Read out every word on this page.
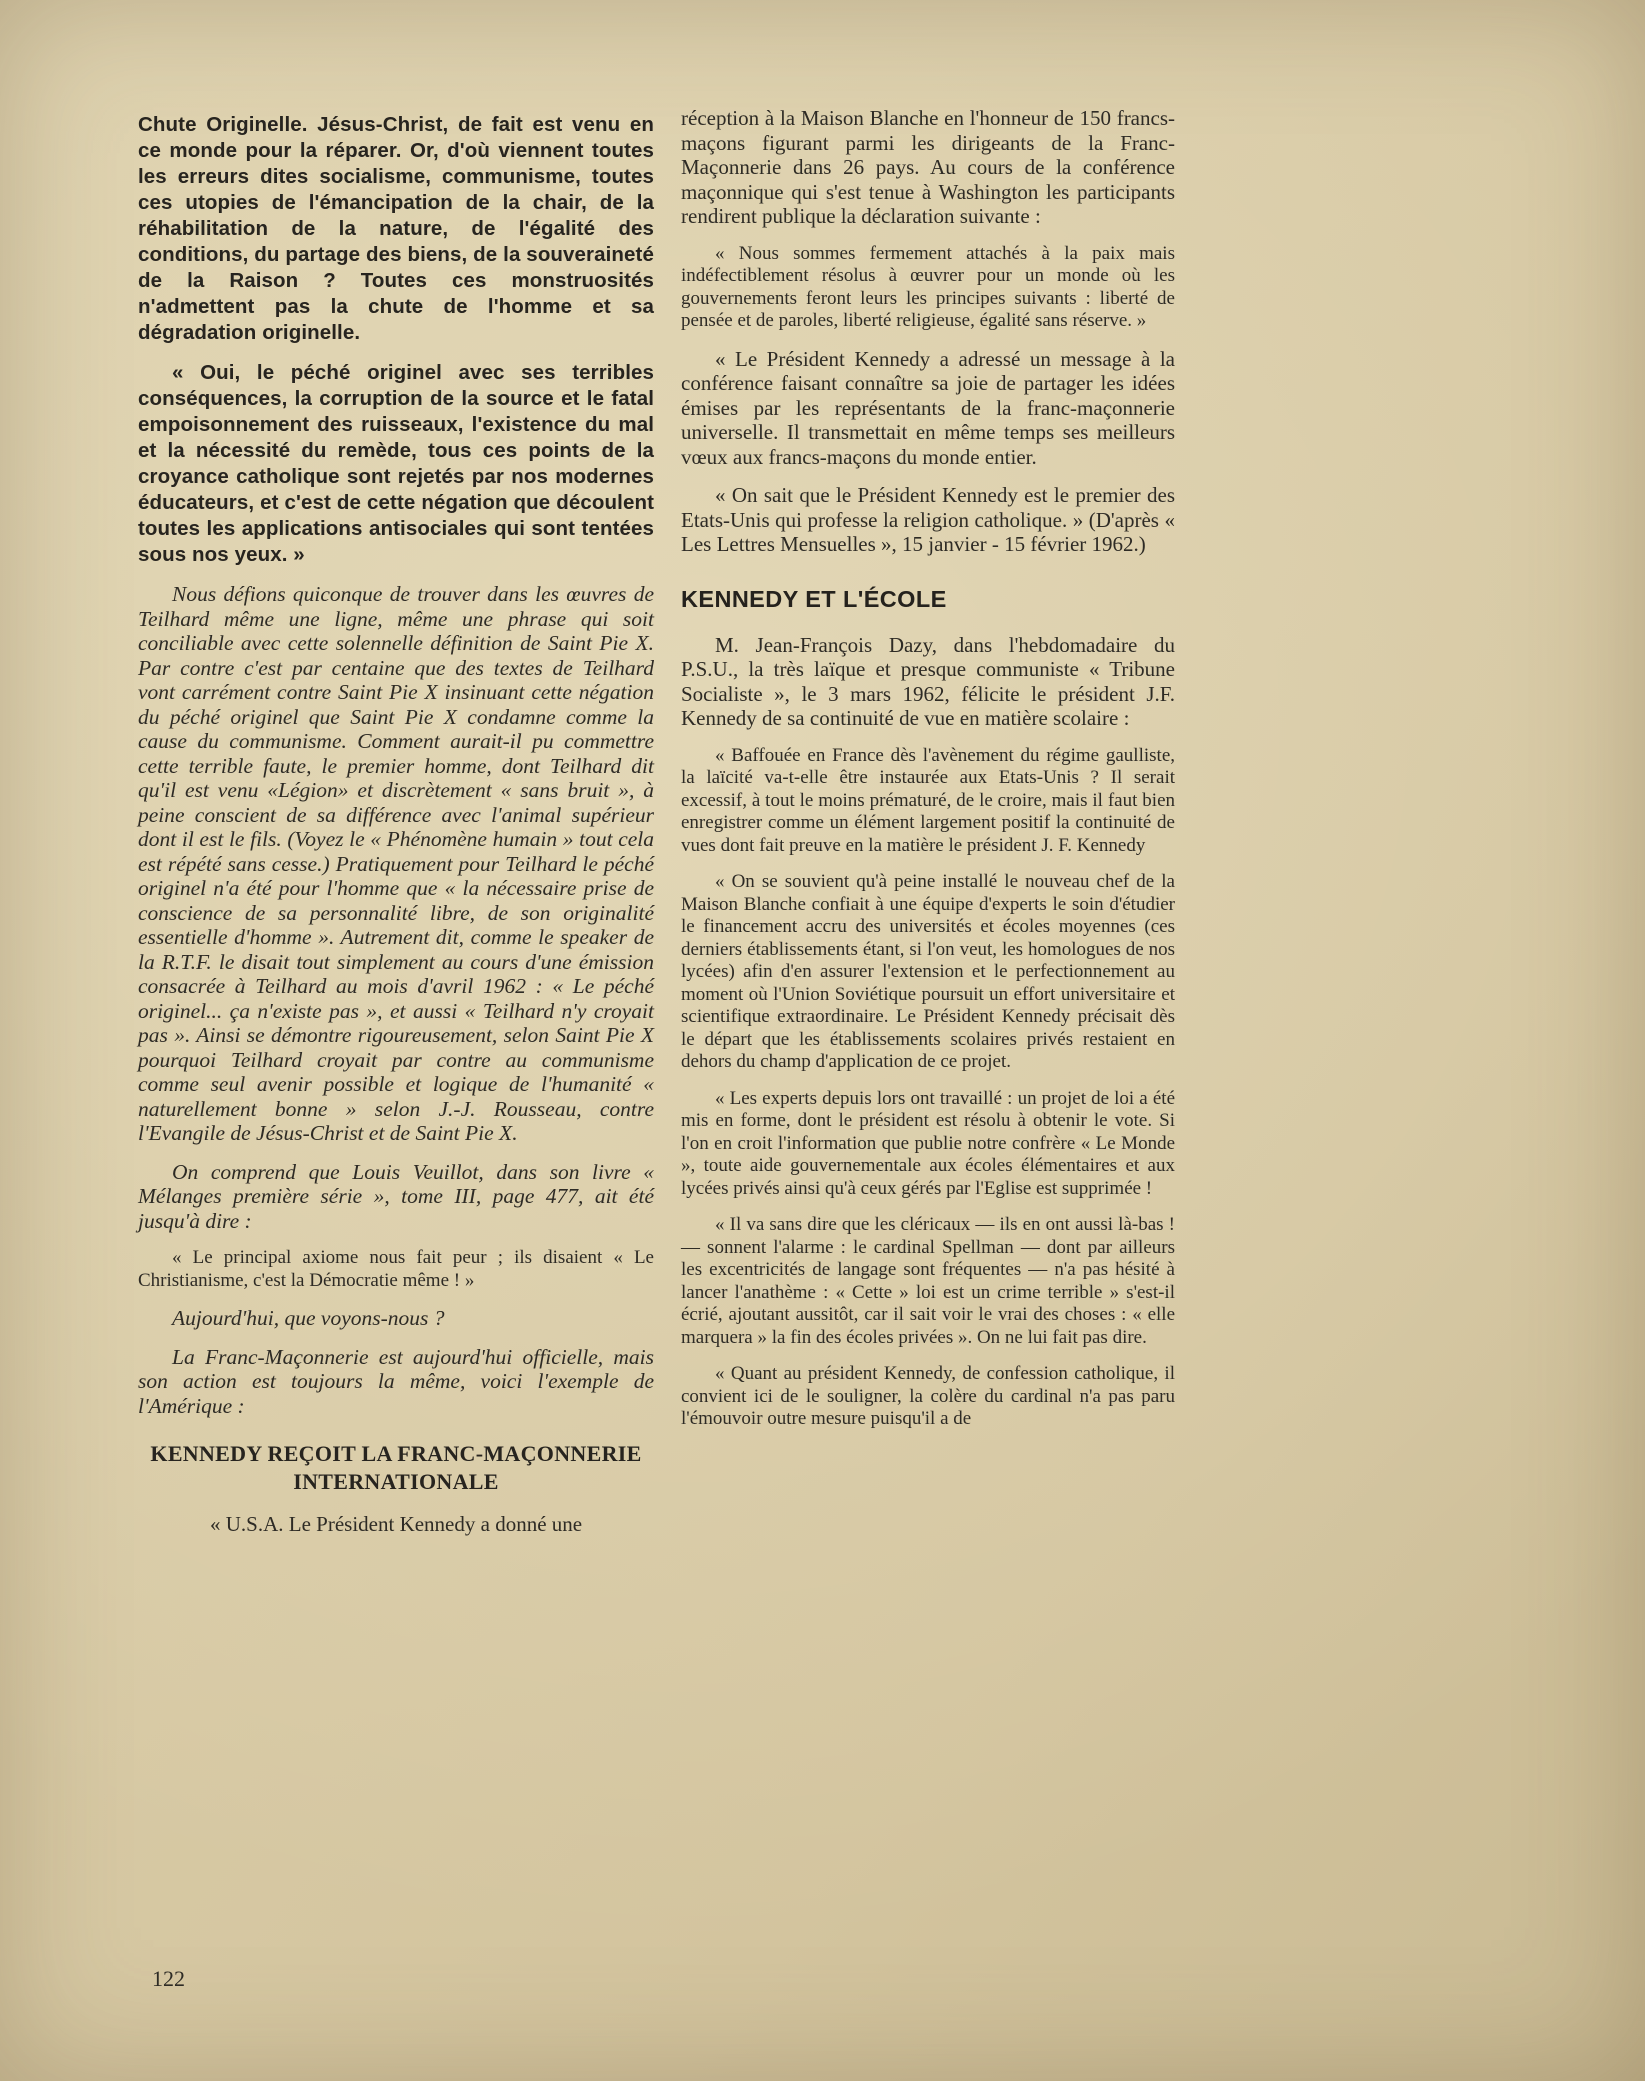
Chute Originelle. Jésus-Christ, de fait est venu en ce monde pour la réparer. Or, d'où viennent toutes les erreurs dites socialisme, communisme, toutes ces utopies de l'émancipation de la chair, de la réhabilitation de la nature, de l'égalité des conditions, du partage des biens, de la souveraineté de la Raison ? Toutes ces monstruosités n'admettent pas la chute de l'homme et sa dégradation originelle.

« Oui, le péché originel avec ses terribles conséquences, la corruption de la source et le fatal empoisonnement des ruisseaux, l'existence du mal et la nécessité du remède, tous ces points de la croyance catholique sont rejetés par nos modernes éducateurs, et c'est de cette négation que découlent toutes les applications antisociales qui sont tentées sous nos yeux. »

Nous défions quiconque de trouver dans les œuvres de Teilhard même une ligne, même une phrase qui soit conciliable avec cette solennelle définition de Saint Pie X. Par contre c'est par centaine que des textes de Teilhard vont carrément contre Saint Pie X insinuant cette négation du péché originel que Saint Pie X condamne comme la cause du communisme. Comment aurait-il pu commettre cette terrible faute, le premier homme, dont Teilhard dit qu'il est venu «Légion» et discrètement « sans bruit », à peine conscient de sa différence avec l'animal supérieur dont il est le fils. (Voyez le « Phénomène humain » tout cela est répété sans cesse.) Pratiquement pour Teilhard le péché originel n'a été pour l'homme que « la nécessaire prise de conscience de sa personnalité libre, de son originalité essentielle d'homme ». Autrement dit, comme le speaker de la R.T.F. le disait tout simplement au cours d'une émission consacrée à Teilhard au mois d'avril 1962 : « Le péché originel... ça n'existe pas », et aussi « Teilhard n'y croyait pas ». Ainsi se démontre rigoureusement, selon Saint Pie X pourquoi Teilhard croyait par contre au communisme comme seul avenir possible et logique de l'humanité « naturellement bonne » selon J.-J. Rousseau, contre l'Evangile de Jésus-Christ et de Saint Pie X.

On comprend que Louis Veuillot, dans son livre « Mélanges première série », tome III, page 477, ait été jusqu'à dire :

« Le principal axiome nous fait peur ; ils disaient « Le Christianisme, c'est la Démocratie même ! »

Aujourd'hui, que voyons-nous ?

La Franc-Maçonnerie est aujourd'hui officielle, mais son action est toujours la même, voici l'exemple de l'Amérique :

KENNEDY REÇOIT LA FRANC-MAÇONNERIE INTERNATIONALE

« U.S.A. Le Président Kennedy a donné une

réception à la Maison Blanche en l'honneur de 150 francs-maçons figurant parmi les dirigeants de la Franc-Maçonnerie dans 26 pays. Au cours de la conférence maçonnique qui s'est tenue à Washington les participants rendirent publique la déclaration suivante :

« Nous sommes fermement attachés à la paix mais indéfectiblement résolus à œuvrer pour un monde où les gouvernements feront leurs les principes suivants : liberté de pensée et de paroles, liberté religieuse, égalité sans réserve. »

« Le Président Kennedy a adressé un message à la conférence faisant connaître sa joie de partager les idées émises par les représentants de la franc-maçonnerie universelle. Il transmettait en même temps ses meilleurs vœux aux francs-maçons du monde entier.

« On sait que le Président Kennedy est le premier des Etats-Unis qui professe la religion catholique. » (D'après « Les Lettres Mensuelles », 15 janvier - 15 février 1962.)

KENNEDY ET L'ÉCOLE

M. Jean-François Dazy, dans l'hebdomadaire du P.S.U., la très laïque et presque communiste « Tribune Socialiste », le 3 mars 1962, félicite le président J.F. Kennedy de sa continuité de vue en matière scolaire :

« Baffouée en France dès l'avènement du régime gaulliste, la laïcité va-t-elle être instaurée aux Etats-Unis ? Il serait excessif, à tout le moins prématuré, de le croire, mais il faut bien enregistrer comme un élément largement positif la continuité de vues dont fait preuve en la matière le président J. F. Kennedy

« On se souvient qu'à peine installé le nouveau chef de la Maison Blanche confiait à une équipe d'experts le soin d'étudier le financement accru des universités et écoles moyennes (ces derniers établissements étant, si l'on veut, les homologues de nos lycées) afin d'en assurer l'extension et le perfectionnement au moment où l'Union Soviétique poursuit un effort universitaire et scientifique extraordinaire. Le Président Kennedy précisait dès le départ que les établissements scolaires privés restaient en dehors du champ d'application de ce projet.

« Les experts depuis lors ont travaillé : un projet de loi a été mis en forme, dont le président est résolu à obtenir le vote. Si l'on en croit l'information que publie notre confrère « Le Monde », toute aide gouvernementale aux écoles élémentaires et aux lycées privés ainsi qu'à ceux gérés par l'Eglise est supprimée !

« Il va sans dire que les cléricaux — ils en ont aussi là-bas ! — sonnent l'alarme : le cardinal Spellman — dont par ailleurs les excentricités de langage sont fréquentes — n'a pas hésité à lancer l'anathème : « Cette » loi est un crime terrible » s'est-il écrié, ajoutant aussitôt, car il sait voir le vrai des choses : « elle marquera » la fin des écoles privées ». On ne lui fait pas dire.

« Quant au président Kennedy, de confession catholique, il convient ici de le souligner, la colère du cardinal n'a pas paru l'émouvoir outre mesure puisqu'il a de

122
